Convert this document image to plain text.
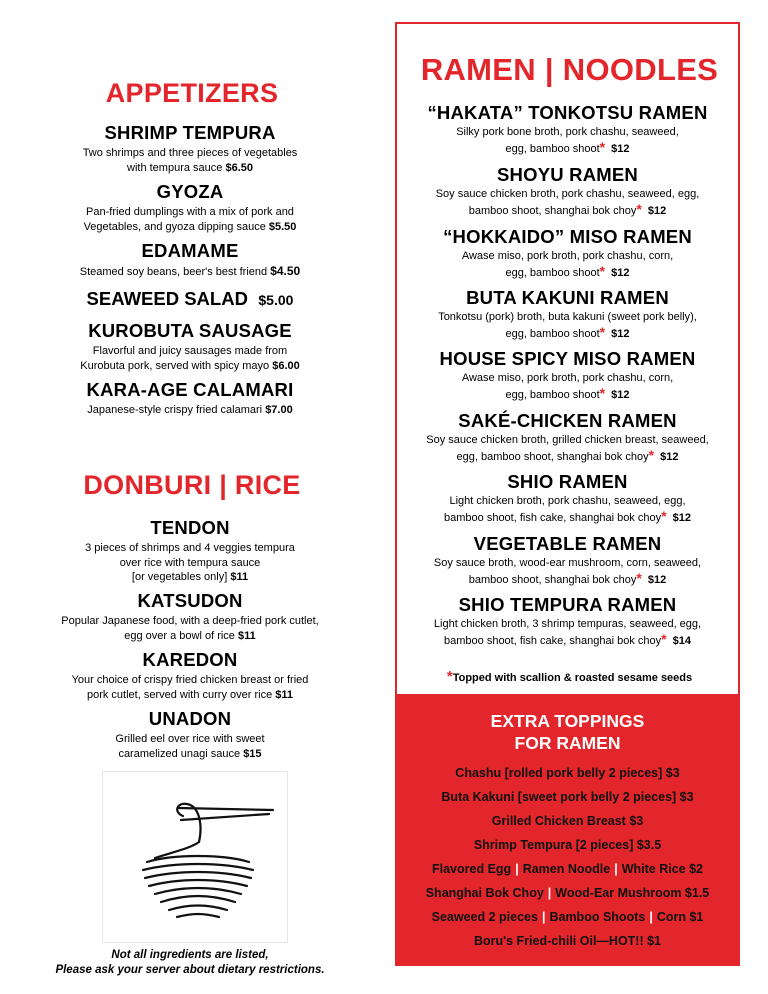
APPETIZERS
SHRIMP TEMPURA
Two shrimps and three pieces of vegetables
with tempura sauce $6.50
GYOZA
Pan-fried dumplings with a mix of pork and
Vegetables, and gyoza dipping sauce $5.50
EDAMAME
Steamed soy beans, beer's best friend $4.50
SEAWEED SALAD $5.00
KUROBUTA SAUSAGE
Flavorful and juicy sausages made from
Kurobuta pork, served with spicy mayo $6.00
KARA-AGE CALAMARI
Japanese-style crispy fried calamari $7.00
DONBURI | RICE
TENDON
3 pieces of shrimps and 4 veggies tempura
over rice with tempura sauce
[or vegetables only] $11
KATSUDON
Popular Japanese food, with a deep-fried pork cutlet,
egg over a bowl of rice $11
KAREDON
Your choice of crispy fried chicken breast or fried
pork cutlet, served with curry over rice $11
UNADON
Grilled eel over rice with sweet
caramelized unagi sauce $15
Not all ingredients are listed,
Please ask your server about dietary restrictions.
RAMEN | NOODLES
“HAKATA” TONKOTSU RAMEN
Silky pork bone broth, pork chashu, seaweed,
egg, bamboo shoot* $12
SHOYU RAMEN
Soy sauce chicken broth, pork chashu, seaweed, egg,
bamboo shoot, shanghai bok choy* $12
“HOKKAIDO” MISO RAMEN
Awase miso, pork broth, pork chashu, corn,
egg, bamboo shoot* $12
BUTA KAKUNI RAMEN
Tonkotsu (pork) broth, buta kakuni (sweet pork belly),
egg, bamboo shoot* $12
HOUSE SPICY MISO RAMEN
Awase miso, pork broth, pork chashu, corn,
egg, bamboo shoot* $12
SAKÉ-CHICKEN RAMEN
Soy sauce chicken broth, grilled chicken breast, seaweed,
egg, bamboo shoot, shanghai bok choy* $12
SHIO RAMEN
Light chicken broth, pork chashu, seaweed, egg,
bamboo shoot, fish cake, shanghai bok choy* $12
VEGETABLE RAMEN
Soy sauce broth, wood-ear mushroom, corn, seaweed,
bamboo shoot, shanghai bok choy* $12
SHIO TEMPURA RAMEN
Light chicken broth, 3 shrimp tempuras, seaweed, egg,
bamboo shoot, fish cake, shanghai bok choy* $14
*Topped with scallion & roasted sesame seeds
EXTRA TOPPINGS
FOR RAMEN
Chashu [rolled pork belly 2 pieces] $3
Buta Kakuni [sweet pork belly 2 pieces] $3
Grilled Chicken Breast $3
Shrimp Tempura [2 pieces] $3.5
Flavored Egg | Ramen Noodle | White Rice $2
Shanghai Bok Choy | Wood-Ear Mushroom $1.5
Seaweed 2 pieces | Bamboo Shoots | Corn $1
Boru's Fried-chili Oil—HOT!! $1
